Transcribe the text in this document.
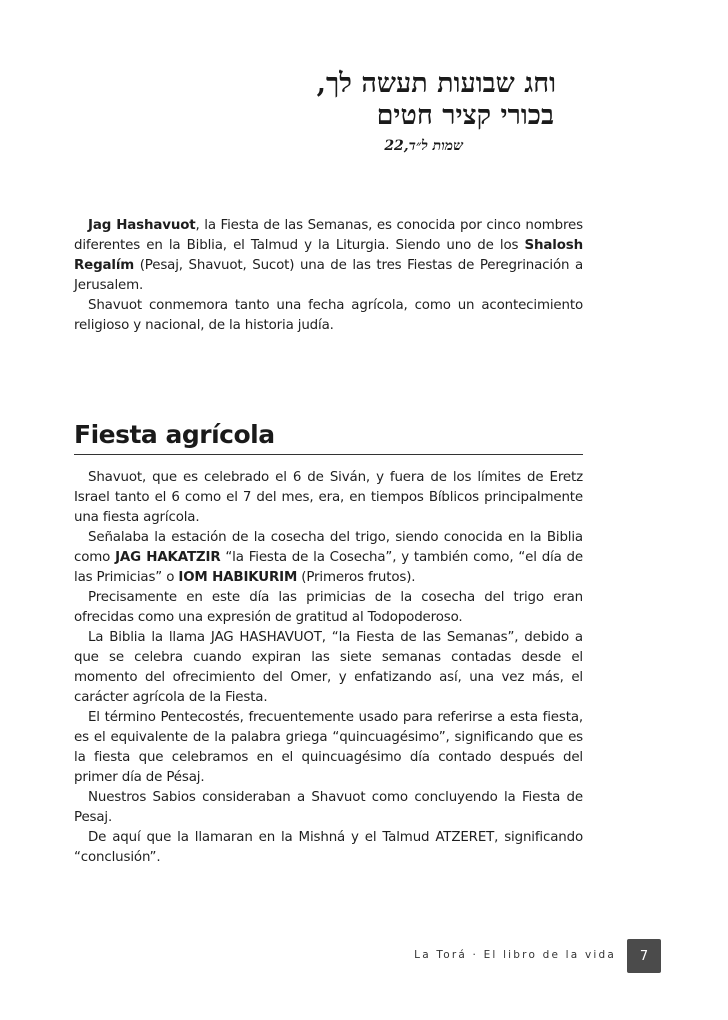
וחג שבועות תעשה לך,
בכורי קציר חטים
שמות ל״ד,22

Jag Hashavuot, la Fiesta de las Semanas, es conocida por cinco nombres diferentes en la Biblia, el Talmud y la Liturgia. Siendo uno de los Shalosh Regalím (Pesaj, Shavuot, Sucot) una de las tres Fiestas de Peregrinación a Jerusalem.

Shavuot conmemora tanto una fecha agrícola, como un acontecimiento religioso y nacional, de la historia judía.

Fiesta agrícola

Shavuot, que es celebrado el 6 de Siván, y fuera de los límites de Eretz Israel tanto el 6 como el 7 del mes, era, en tiempos Bíblicos principalmente una fiesta agrícola.

Señalaba la estación de la cosecha del trigo, siendo conocida en la Biblia como JAG HAKATZIR “la Fiesta de la Cosecha”, y también como, “el día de las Primicias” o IOM HABIKURIM (Primeros frutos).

Precisamente en este día las primicias de la cosecha del trigo eran ofrecidas como una expresión de gratitud al Todopoderoso.

La Biblia la llama JAG HASHAVUOT, “la Fiesta de las Semanas”, debido a que se celebra cuando expiran las siete semanas contadas desde el momento del ofrecimiento del Omer, y enfatizando así, una vez más, el carácter agrícola de la Fiesta.

El término Pentecostés, frecuentemente usado para referirse a esta fiesta, es el equivalente de la palabra griega “quincuagésimo”, significando que es la fiesta que celebramos en el quincuagésimo día contado después del primer día de Pésaj.

Nuestros Sabios consideraban a Shavuot como concluyendo la Fiesta de Pesaj.

De aquí que la llamaran en la Mishná y el Talmud ATZERET, significando “conclusión”.

La Torá · El libro de la vida 7
